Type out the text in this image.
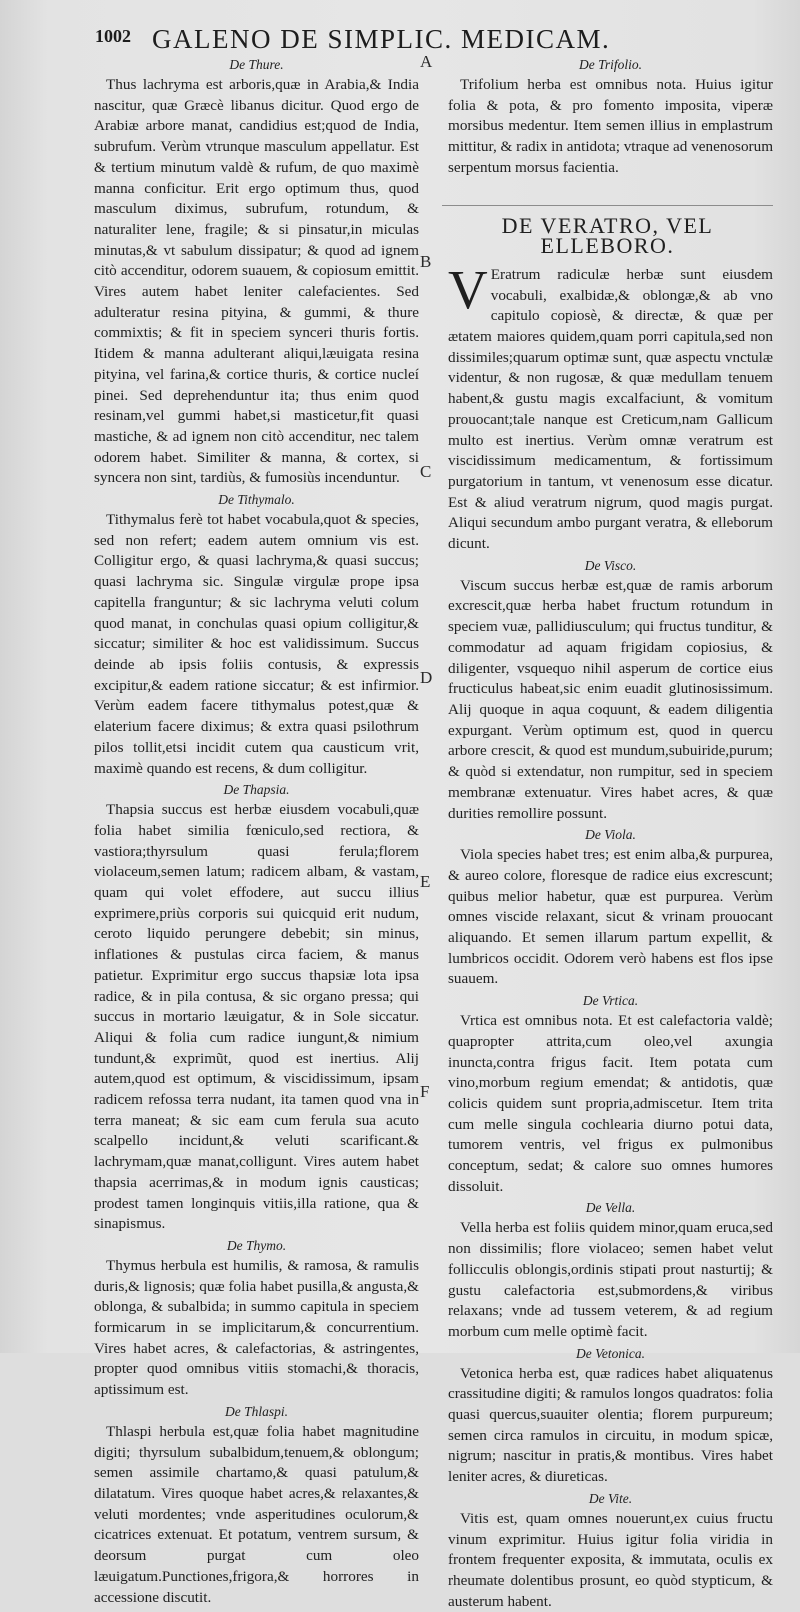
1002 GALENO DE SIMPLIC. MEDICAM.
A
B
C
D
E
F
De Thure.

Thus lachryma est arboris,quæ in Arabia,& India nascitur, quæ Græcè libanus dicitur. Quod ergo de Arabiæ arbore manat, candidius est;quod de India, subrufum. Verùm vtrunque masculum appellatur. Est & tertium minutum valdè & rufum, de quo maximè manna conficitur. Erit ergo optimum thus, quod masculum diximus, subrufum, rotundum, & naturaliter lene, fragile; & si pinsatur,in miculas minutas,& vt sabulum dissipatur; & quod ad ignem citò accenditur, odorem suauem, & copiosum emittit. Vires autem habet leniter calefacientes. Sed adulteratur resina pityina, & gummi, & thure commixtis; & fit in speciem synceri thuris fortis. Itidem & manna adulterant aliqui,læuigata resina pityina, vel farina,& cortice thuris, & cortice nucleí pinei. Sed deprehenduntur ita; thus enim quod resinam,vel gummi habet,si masticetur,fit quasi mastiche, & ad ignem non citò accenditur, nec talem odorem habet. Similiter & manna, & cortex, si syncera non sint, tardiùs, & fumosiùs incenduntur.

De Tithymalo.

Tithymalus ferè tot habet vocabula,quot & species, sed non refert; eadem autem omnium vis est. Colligitur ergo, & quasi lachryma,& quasi succus; quasi lachryma sic. Singulæ virgulæ prope ipsa capitella franguntur; & sic lachryma veluti colum quod manat, in conchulas quasi opium colligitur,& siccatur; similiter & hoc est validissimum. Succus deinde ab ipsis foliis contusis, & expressis excipitur,& eadem ratione siccatur; & est infirmior. Verùm eadem facere tithymalus potest,quæ & elaterium facere diximus; & extra quasi psilothrum pilos tollit,etsi incidit cutem qua causticum vrit, maximè quando est recens, & dum colligitur.

De Thapsia.

Thapsia succus est herbæ eiusdem vocabuli,quæ folia habet similia fœniculo,sed rectiora, & vastiora;thyrsulum quasi ferula;florem violaceum,semen latum; radicem albam, & vastam, quam qui volet effodere, aut succu illius exprimere,priùs corporis sui quicquid erit nudum, ceroto liquido perungere debebit; sin minus, inflationes & pustulas circa faciem, & manus patietur. Exprimitur ergo succus thapsiæ lota ipsa radice, & in pila contusa, & sic organo pressa; qui succus in mortario læuigatur, & in Sole siccatur. Aliqui & folia cum radice iungunt,& nimium tundunt,& exprimũt, quod est inertius. Alij autem,quod est optimum, & viscidissimum, ipsam radicem refossa terra nudant, ita tamen quod vna in terra maneat; & sic eam cum ferula sua acuto scalpello incidunt,& veluti scarificant.& lachrymam,quæ manat,colligunt. Vires autem habet thapsia acerrimas,& in modum ignis causticas; prodest tamen longinquis vitiis,illa ratione, qua & sinapismus.

De Thymo.

Thymus herbula est humilis, & ramosa, & ramulis duris,& lignosis; quæ folia habet pusilla,& angusta,& oblonga, & subalbida; in summo capitula in speciem formicarum in se implicitarum,& concurrentium. Vires habet acres, & calefactorias, & astringentes, propter quod omnibus vitiis stomachi,& thoracis, aptissimum est.

De Thlaspi.

Thlaspi herbula est,quæ folia habet magnitudine digiti; thyrsulum subalbidum,tenuem,& oblongum; semen assimile chartamo,& quasi patulum,& dilatatum. Vires quoque habet acres,& relaxantes,& veluti mordentes; vnde asperitudines oculorum,& cicatrices extenuat. Et potatum, ventrem sursum, & deorsum purgat cum oleo læuigatum.Punctiones,frigora,& horrores in accessione discutit.

De Trifolio.

Trifolium herba est omnibus nota. Huius igitur folia & pota, & pro fomento imposita, viperæ morsibus medentur. Item semen illius in emplastrum mittitur, & radix in antidota; vtraque ad venenosorum serpentum morsus facientia.

DE VERATRO, VEL ELLEBORO.

V Eratrum radiculæ herbæ sunt eiusdem vocabuli, exalbidæ,& oblongæ,& ab vno capitulo copiosè, & directæ, & quæ per ætatem maiores quidem,quam porri capitula,sed non dissimiles;quarum optimæ sunt, quæ aspectu vnctulæ videntur, & non rugosæ, & quæ medullam tenuem habent,& gustu magis excalfaciunt, & vomitum prouocant;tale nanque est Creticum,nam Gallicum multo est inertius. Verùm omnæ veratrum est viscidissimum medicamentum, & fortissimum purgatorium in tantum, vt venenosum esse dicatur. Est & aliud veratrum nigrum, quod magis purgat. Aliqui secundum ambo purgant veratra, & elleborum dicunt.

De Visco.

Viscum succus herbæ est,quæ de ramis arborum excrescit,quæ herba habet fructum rotundum in speciem vuæ, pallidiusculum; qui fructus tunditur, & commodatur ad aquam frigidam copiosius, & diligenter, vsquequo nihil asperum de cortice eius fructiculus habeat,sic enim euadit glutinosissimum. Alij quoque in aqua coquunt, & eadem diligentia expurgant. Verùm optimum est, quod in quercu arbore crescit, & quod est mundum,subuiride,purum; & quòd si extendatur, non rumpitur, sed in speciem membranæ extenuatur. Vires habet acres, & quæ durities remollire possunt.

De Viola.

Viola species habet tres; est enim alba,& purpurea, & aureo colore, floresque de radice eius excrescunt; quibus melior habetur, quæ est purpurea. Verùm omnes viscide relaxant, sicut & vrinam prouocant aliquando. Et semen illarum partum expellit, & lumbricos occidit. Odorem verò habens est flos ipse suauem.

De Vrtica.

Vrtica est omnibus nota. Et est calefactoria valdè; quapropter attrita,cum oleo,vel axungia inuncta,contra frigus facit. Item potata cum vino,morbum regium emendat; & antidotis, quæ colicis quidem sunt propria,admiscetur. Item trita cum melle singula cochlearia diurno potui data, tumorem ventris, vel frigus ex pulmonibus conceptum, sedat; & calore suo omnes humores dissoluit.

De Vella.

Vella herba est foliis quidem minor,quam eruca,sed non dissimilis; flore violaceo; semen habet velut follicculis oblongis,ordinis stipati prout nasturtij; & gustu calefactoria est,submordens,& viribus relaxans; vnde ad tussem veterem, & ad regium morbum cum melle optimè facit.

De Vetonica.

Vetonica herba est, quæ radices habet aliquatenus crassitudine digiti; & ramulos longos quadratos: folia quasi quercus,suauiter olentia; florem purpureum; semen circa ramulos in circuitu, in modum spicæ, nigrum; nascitur in pratis,& montibus. Vires habet leniter acres, & diureticas.

De Vite.

Vitis est, quam omnes nouerunt,ex cuius fructu vinum exprimitur. Huius igitur folia viridia in frontem frequenter exposita, & immutata, oculis ex rheumate dolentibus prosunt, eo quòd stypticum, & austerum habent.
